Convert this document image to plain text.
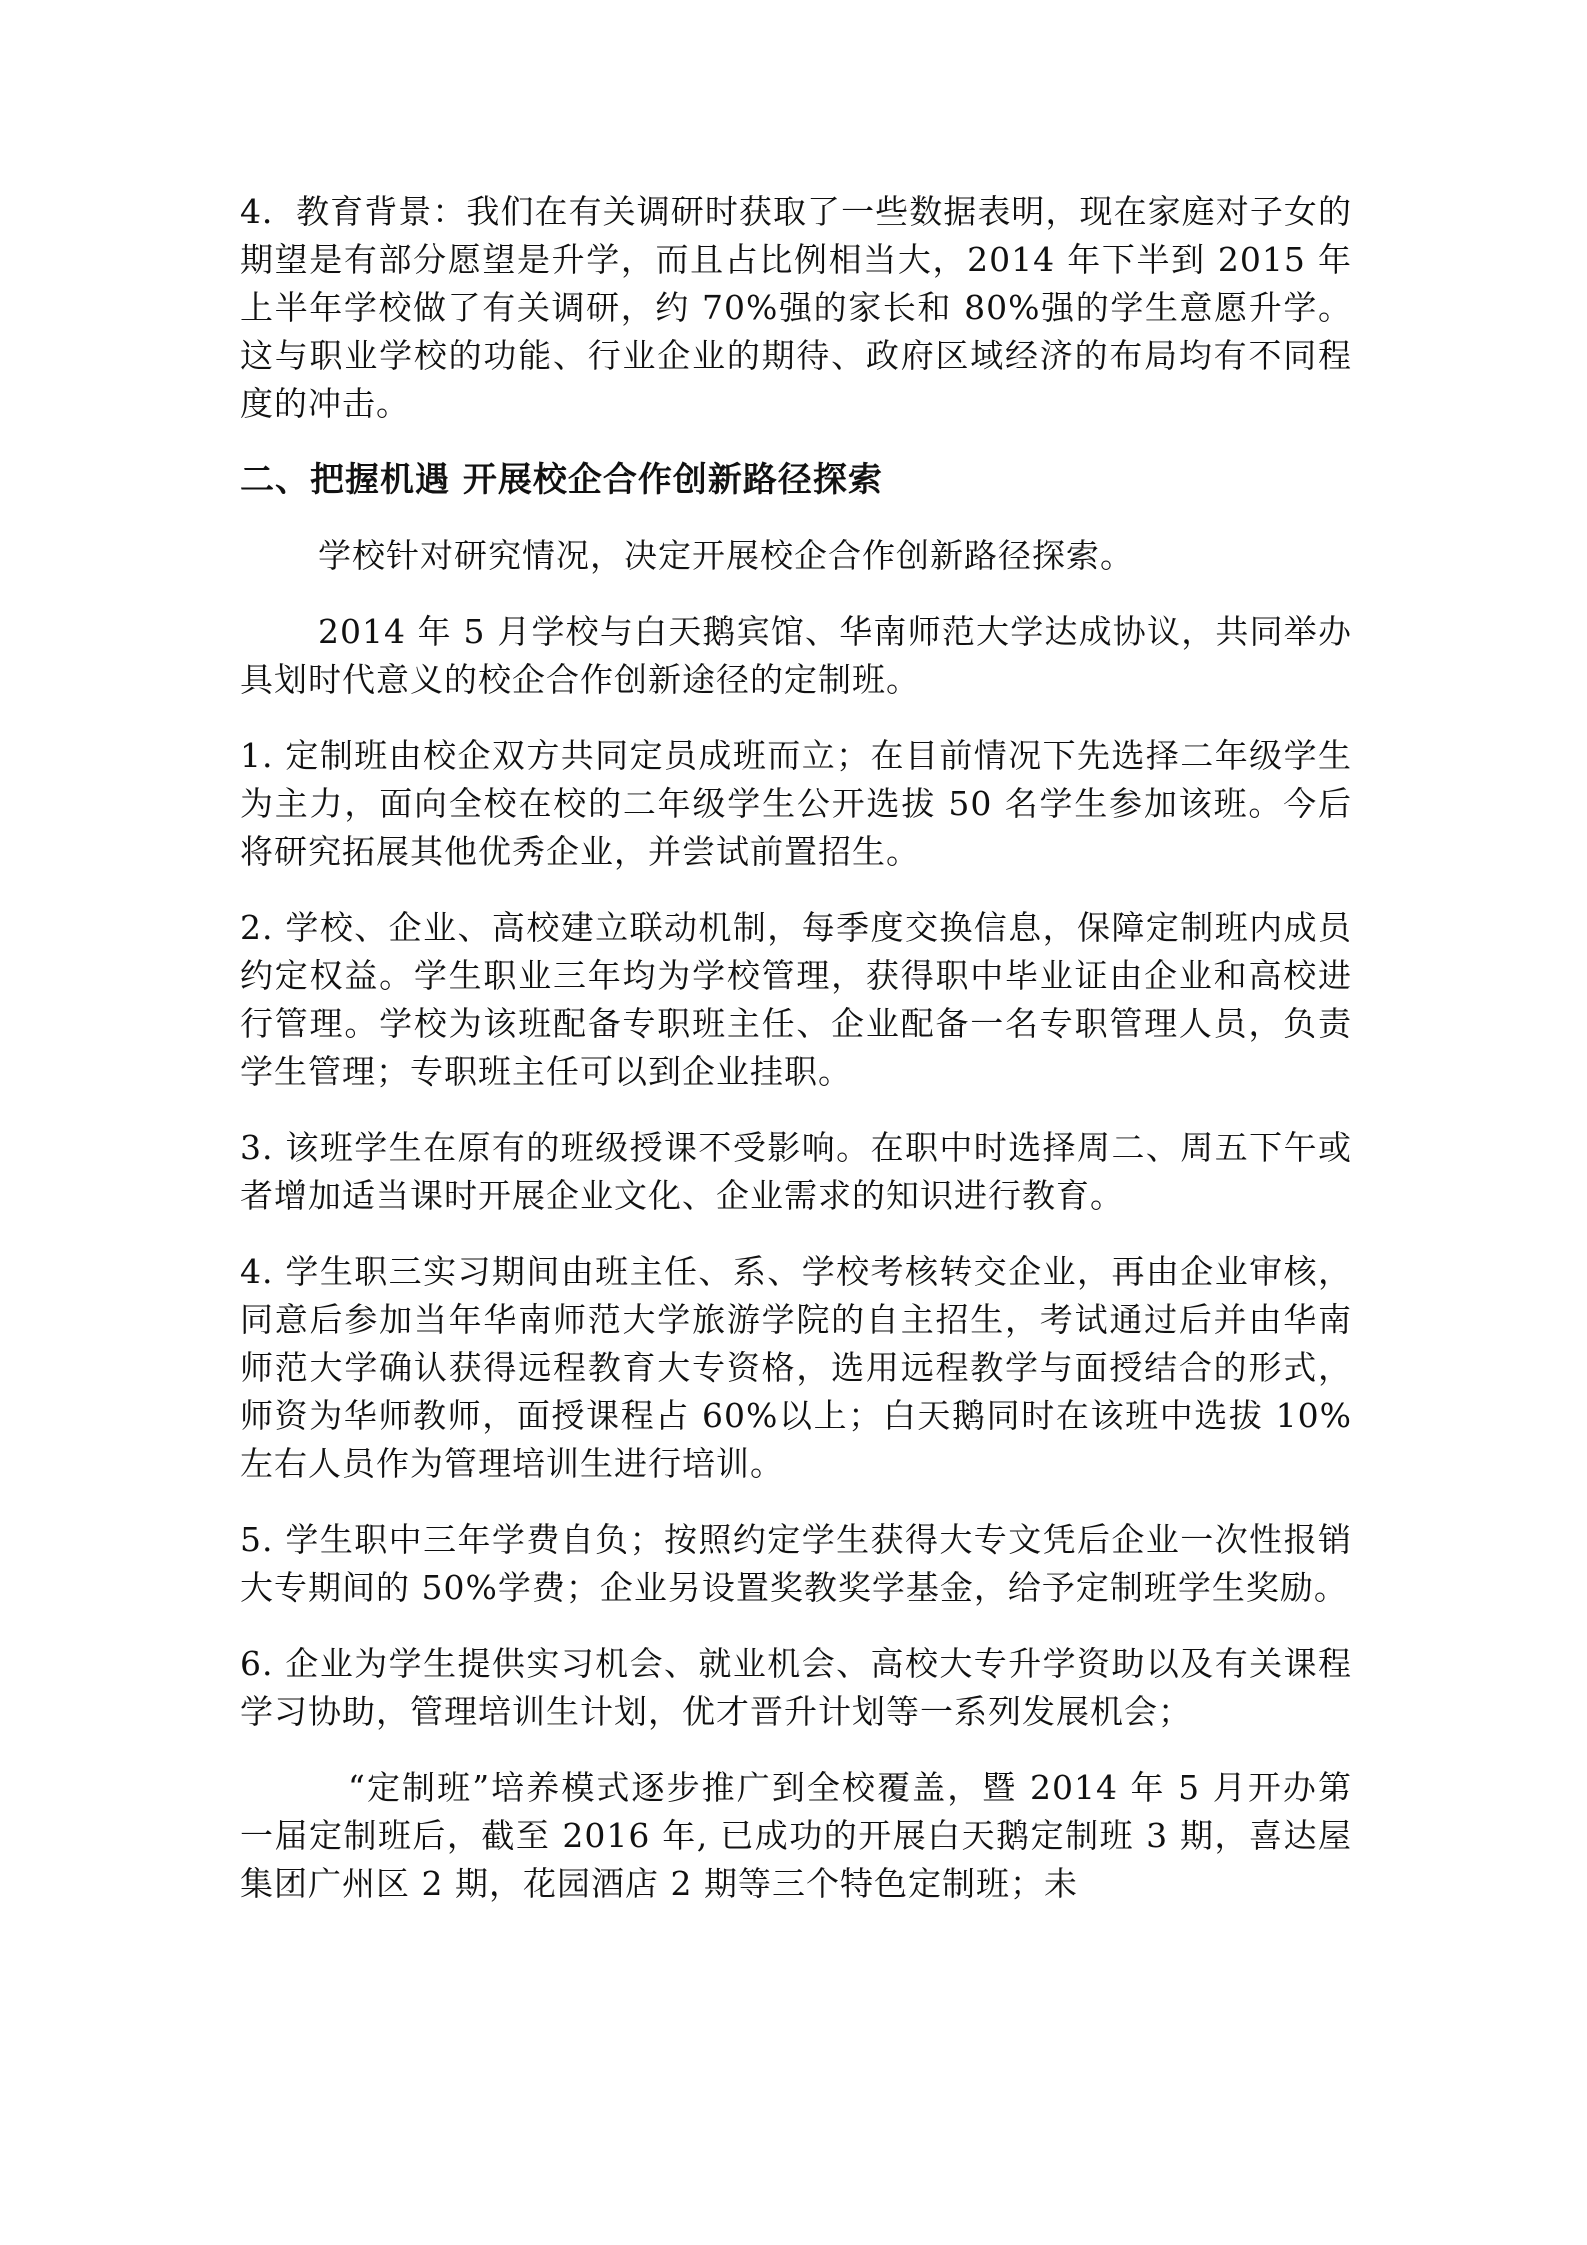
4．教育背景：我们在有关调研时获取了一些数据表明，现在家庭对子女的期望是有部分愿望是升学，而且占比例相当大，2014 年下半到 2015 年上半年学校做了有关调研，约 70%强的家长和 80%强的学生意愿升学。这与职业学校的功能、行业企业的期待、政府区域经济的布局均有不同程度的冲击。

二、把握机遇 开展校企合作创新路径探索

学校针对研究情况，决定开展校企合作创新路径探索。

2014 年 5 月学校与白天鹅宾馆、华南师范大学达成协议，共同举办具划时代意义的校企合作创新途径的定制班。

1. 定制班由校企双方共同定员成班而立；在目前情况下先选择二年级学生为主力，面向全校在校的二年级学生公开选拔 50 名学生参加该班。今后将研究拓展其他优秀企业，并尝试前置招生。

2. 学校、企业、高校建立联动机制，每季度交换信息，保障定制班内成员约定权益。学生职业三年均为学校管理，获得职中毕业证由企业和高校进行管理。学校为该班配备专职班主任、企业配备一名专职管理人员，负责学生管理；专职班主任可以到企业挂职。

3. 该班学生在原有的班级授课不受影响。在职中时选择周二、周五下午或者增加适当课时开展企业文化、企业需求的知识进行教育。

4. 学生职三实习期间由班主任、系、学校考核转交企业，再由企业审核，同意后参加当年华南师范大学旅游学院的自主招生，考试通过后并由华南师范大学确认获得远程教育大专资格，选用远程教学与面授结合的形式，师资为华师教师，面授课程占 60%以上；白天鹅同时在该班中选拔 10%左右人员作为管理培训生进行培训。

5. 学生职中三年学费自负；按照约定学生获得大专文凭后企业一次性报销大专期间的 50%学费；企业另设置奖教奖学基金，给予定制班学生奖励。

6. 企业为学生提供实习机会、就业机会、高校大专升学资助以及有关课程学习协助，管理培训生计划，优才晋升计划等一系列发展机会；

“定制班”培养模式逐步推广到全校覆盖，暨 2014 年 5 月开办第一届定制班后，截至 2016 年, 已成功的开展白天鹅定制班 3 期，喜达屋集团广州区 2 期，花园酒店 2 期等三个特色定制班；未
